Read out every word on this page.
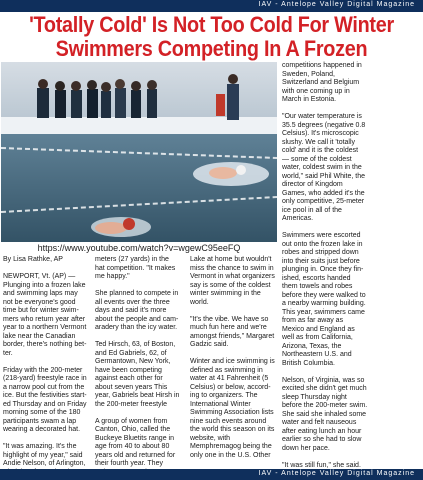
IAV - Antelope Valley Digital Magazine
'Totally Cold' Is Not Too Cold For Winter
Swimmers Competing In A Frozen
https://www.youtube.com/watch?v=wgewC95eeFQ
By Lisa Rathke, AP

NEWPORT, Vt. (AP) —
Plunging into a frozen lake
and swimming laps may
not be everyone's good
time but for winter swim-
mers who return year after
year to a northern Vermont
lake near the Canadian
border, there's nothing bet-
ter.

Friday with the 200-meter
(218-yard) freestyle race in
a narrow pool cut from the
ice. But the festivities start-
ed Thursday and on Friday
morning some of the 180
participants swam a lap
wearing a decorated hat.

"It was amazing. It's the
highlight of my year," said
Andie Nelson, of Arlington,

meters (27 yards) in the
hat competition. "It makes
me happy."

She planned to compete in
all events over the three
days and said it's more
about the people and cam-
aradery than the icy water.

Ted Hirsch, 63, of Boston,
and Ed Gabriels, 62, of
Germantown, New York,
have been competing
against each other for
about seven years This
year, Gabriels beat Hirsh in
the 200-meter freestyle

A group of women from
Canton, Ohio, called the
Buckeye Bluetits range in
age from 40 to about 80
years old and returned for
their fourth year. They

Lake at home but wouldn't
miss the chance to swim in
Vermont in what organizers
say is some of the coldest
winter swimming in the
world.

"It's the vibe. We have so
much fun here and we're
amongst friends," Margaret
Gadzic said.

Winter and ice swimming is
defined as swimming in
water at 41 Fahrenheit (5
Celsius) or below, accord-
ing to organizers. The
International Winter
Swimming Association lists
nine such events around
the world this season on its
website, with
Memphremagog being the
only one in the U.S. Other

competitions happened in
Sweden, Poland,
Switzerland and Belgium
with one coming up in
March in Estonia.

"Our water temperature is
35.5 degrees (negative 0.8
Celsius). It's microscopic
slushy. We call it 'totally
cold' and it is the coldest
— some of the coldest
water, coldest swim in the
world," said Phil White, the
director of Kingdom
Games, who added it's the
only competitive, 25-meter
ice pool in all of the
Americas.

Swimmers were escorted
out onto the frozen lake in
robes and stripped down
into their suits just before
plunging in. Once they fin-
ished, escorts handed
them towels and robes
before they were walked to
a nearby warming building.
This year, swimmers came
from as far away as
Mexico and England as
well as from California,
Arizona, Texas, the
Northeastern U.S. and
British Columbia.

Nelson, of Virginia, was so
excited she didn't get much
sleep Thursday night
before the 200-meter swim.
She said she inhaled some
water and felt nauseous
after eating lunch an hour
earlier so she had to slow
down her pace.

"It was still fun," she said.

IAV - Antelope Valley Digital Magazine
